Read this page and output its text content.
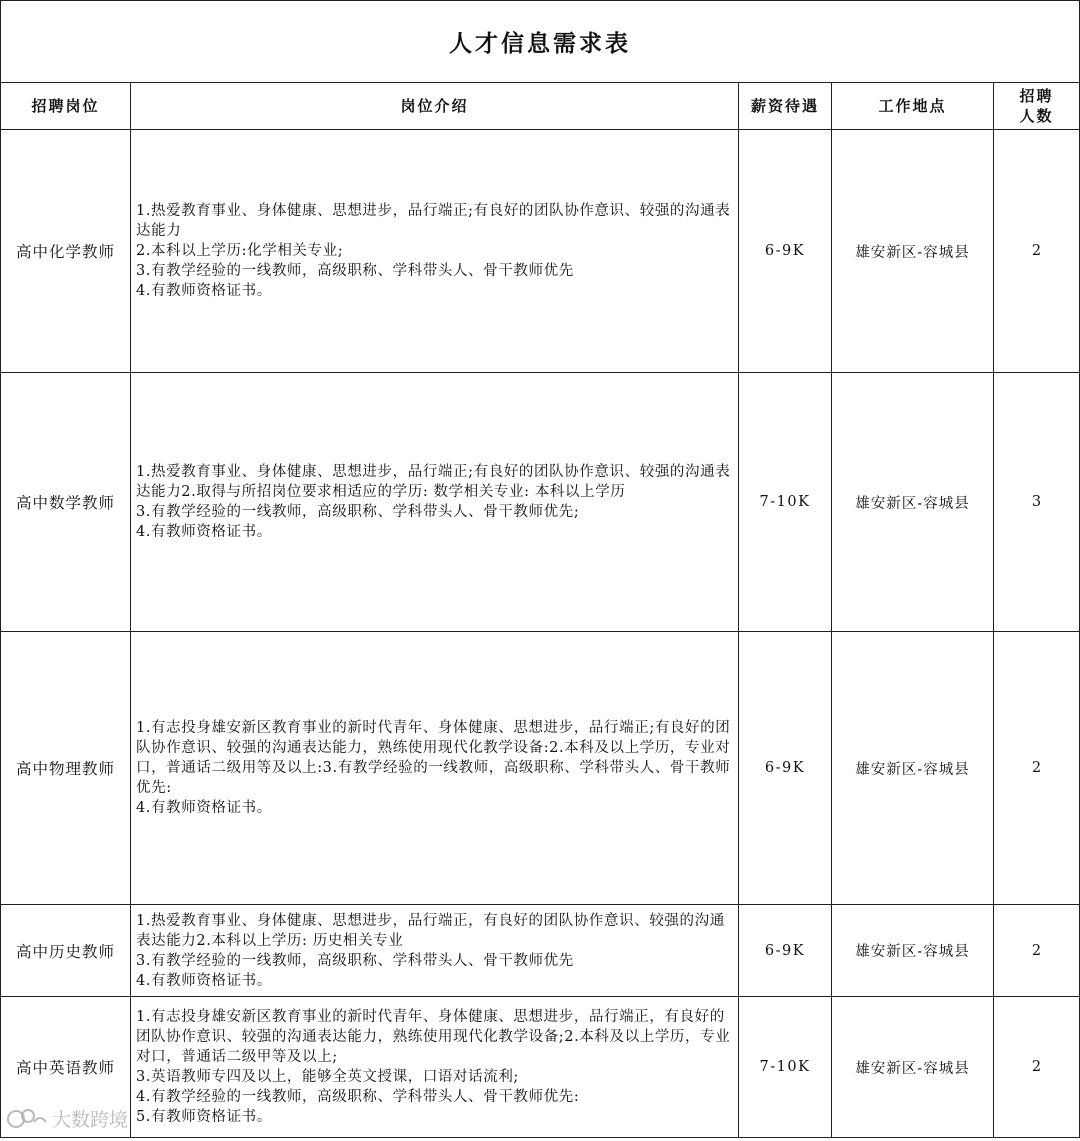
人才信息需求表				
招聘岗位	岗位介绍	薪资待遇	工作地点	招聘人数
高中化学教师	1.热爱教育事业、身体健康、思想进步，品行端正;有良好的团队协作意识、较强的沟通表达能力
2.本科以上学历:化学相关专业;
3.有教学经验的一线教师，高级职称、学科带头人、骨干教师优先
4.有教师资格证书。	6-9K	雄安新区-容城县	2
高中数学教师	1.热爱教育事业、身体健康、思想进步，品行端正;有良好的团队协作意识、较强的沟通表达能力2.取得与所招岗位要求相适应的学历: 数学相关专业: 本科以上学历
3.有教学经验的一线教师，高级职称、学科带头人、骨干教师优先;
4.有教师资格证书。	7-10K	雄安新区-容城县	3
高中物理教师	1.有志投身雄安新区教育事业的新时代青年、身体健康、思想进步，品行端正;有良好的团队协作意识、较强的沟通表达能力，熟练使用现代化教学设备:2.本科及以上学历，专业对口，普通话二级用等及以上:3.有教学经验的一线教师，高级职称、学科带头人、骨干教师优先:
4.有教师资格证书。	6-9K	雄安新区-容城县	2
高中历史教师	1.热爱教育事业、身体健康、思想进步，品行端正，有良好的团队协作意识、较强的沟通表达能力2.本科以上学历: 历史相关专业
3.有教学经验的一线教师，高级职称、学科带头人、骨干教师优先
4.有教师资格证书。	6-9K	雄安新区-容城县	2
高中英语教师	1.有志投身雄安新区教育事业的新时代青年、身体健康、思想进步，品行端正，有良好的团队协作意识、较强的沟通表达能力，熟练使用现代化教学设备;2.本科及以上学历，专业对口，普通话二级甲等及以上;
3.英语教师专四及以上，能够全英文授课，口语对话流利;
4.有教学经验的一线教师，高级职称、学科带头人、骨干教师优先:
5.有教师资格证书。	7-10K	雄安新区-容城县	2
大数跨境
